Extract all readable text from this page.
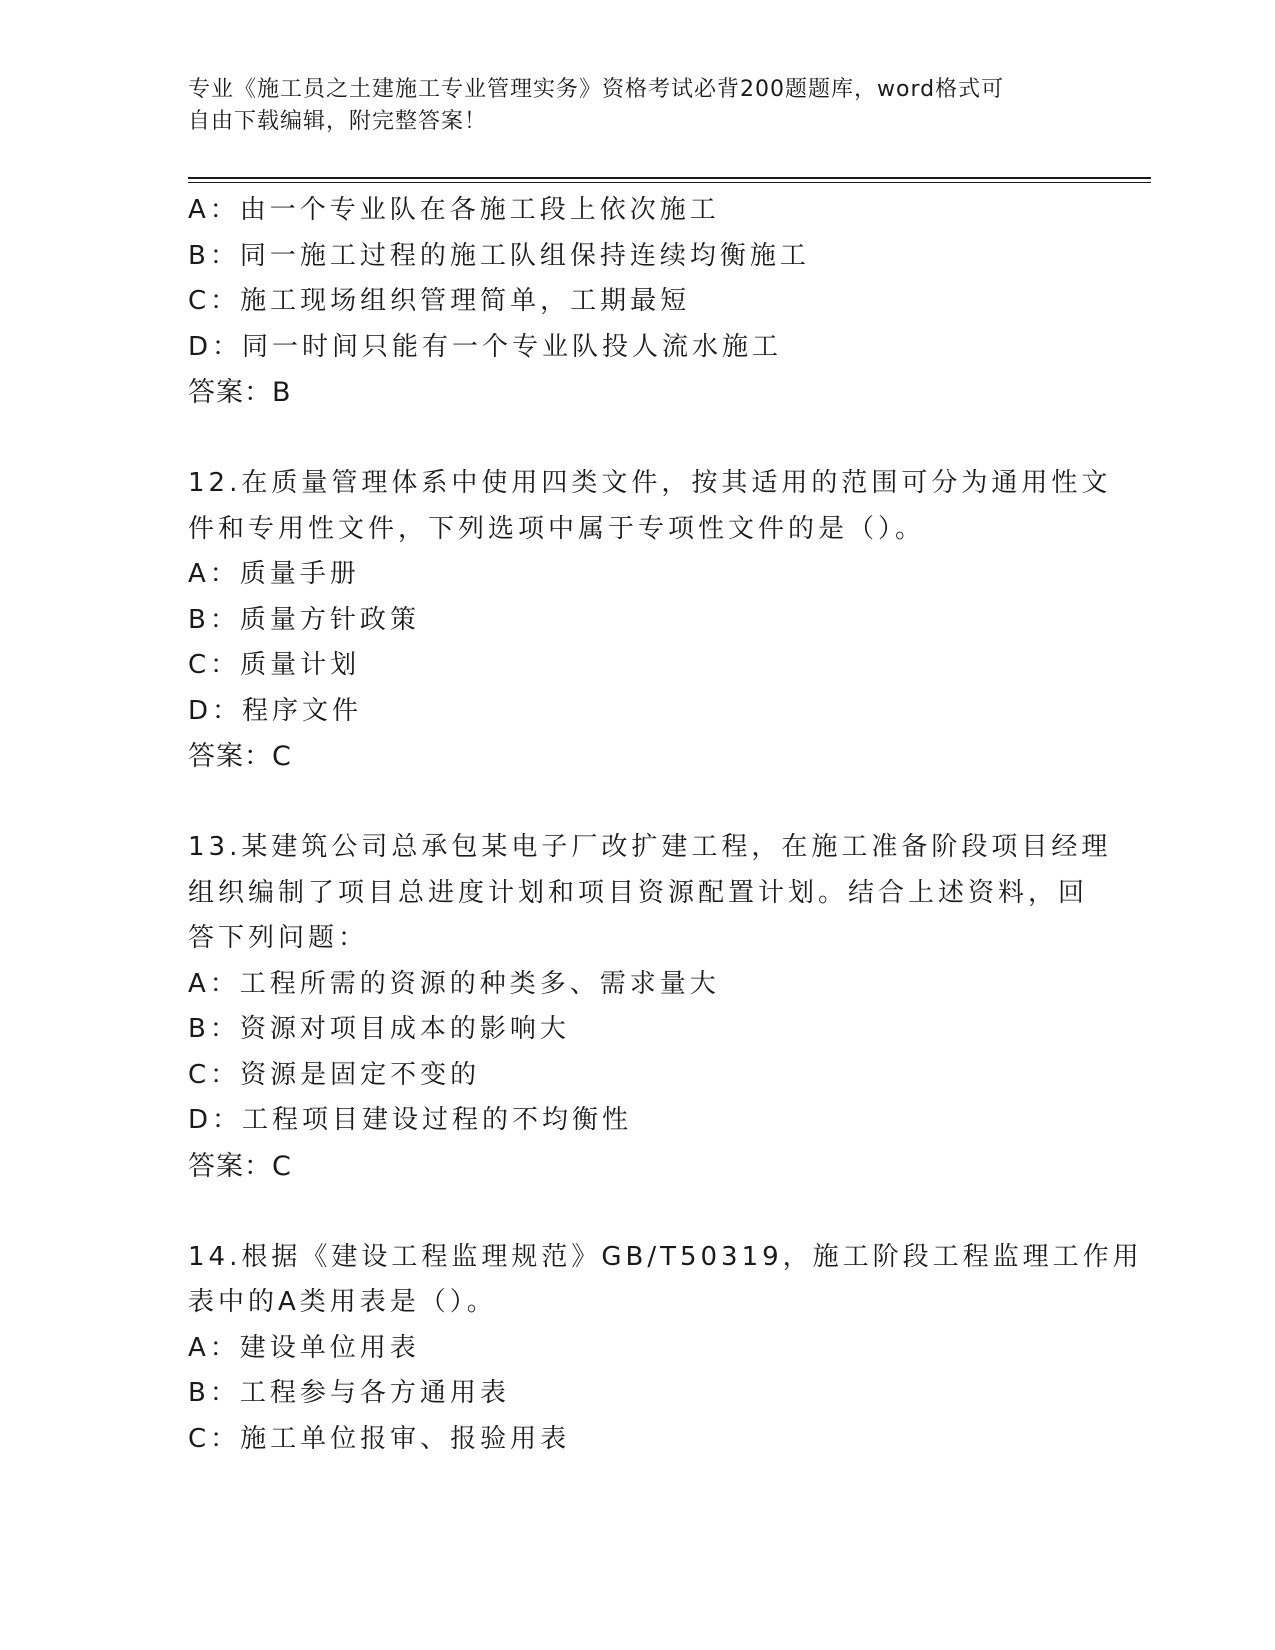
专业《施工员之土建施工专业管理实务》资格考试必背200题题库，word格式可
自由下载编辑，附完整答案！
A：由一个专业队在各施工段上依次施工
B：同一施工过程的施工队组保持连续均衡施工
C：施工现场组织管理简单，工期最短
D：同一时间只能有一个专业队投人流水施工
答案：B
12.在质量管理体系中使用四类文件，按其适用的范围可分为通用性文
件和专用性文件，下列选项中属于专项性文件的是（）。
A：质量手册
B：质量方针政策
C：质量计划
D：程序文件
答案：C
13.某建筑公司总承包某电子厂改扩建工程，在施工准备阶段项目经理
组织编制了项目总进度计划和项目资源配置计划。结合上述资料，回
答下列问题：
A：工程所需的资源的种类多、需求量大
B：资源对项目成本的影响大
C：资源是固定不变的
D：工程项目建设过程的不均衡性
答案：C
14.根据《建设工程监理规范》GB/T50319，施工阶段工程监理工作用
表中的A类用表是（）。
A：建设单位用表
B：工程参与各方通用表
C：施工单位报审、报验用表
